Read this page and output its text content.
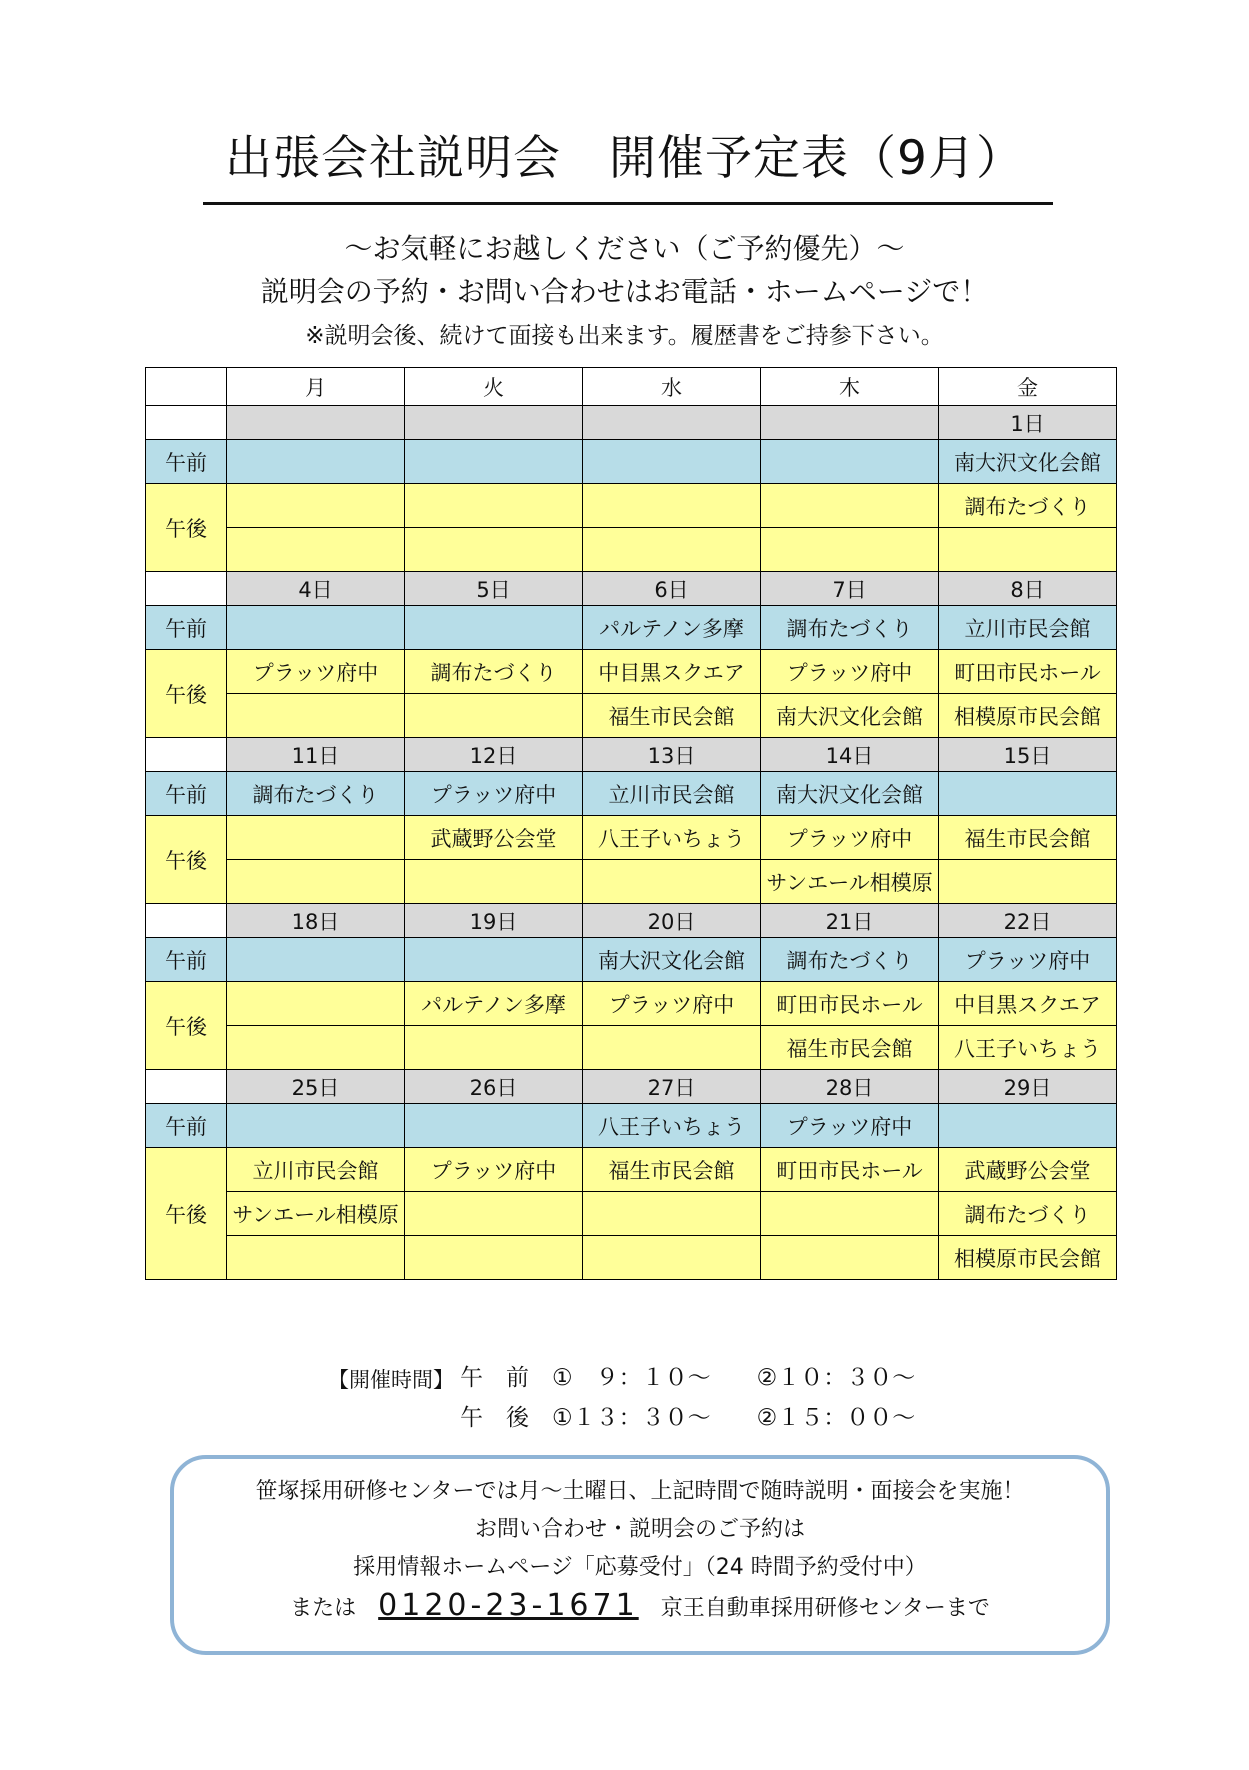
出張会社説明会　開催予定表（9月）
～お気軽にお越しください（ご予約優先）～
説明会の予約・お問い合わせはお電話・ホームページで！
※説明会後、続けて面接も出来ます。履歴書をご持参下さい。
	月	火	水	木	金
					1日
午前					南大沢文化会館
午後					調布たづくり

	4日	5日	6日	7日	8日
午前			パルテノン多摩	調布たづくり	立川市民会館
午後	プラッツ府中	調布たづくり	中目黒スクエア	プラッツ府中	町田市民ホール
			福生市民会館	南大沢文化会館	相模原市民会館
	11日	12日	13日	14日	15日
午前	調布たづくり	プラッツ府中	立川市民会館	南大沢文化会館	
午後		武蔵野公会堂	八王子いちょう	プラッツ府中	福生市民会館
				サンエール相模原	
	18日	19日	20日	21日	22日
午前			南大沢文化会館	調布たづくり	プラッツ府中
午後		パルテノン多摩	プラッツ府中	町田市民ホール	中目黒スクエア
				福生市民会館	八王子いちょう
	25日	26日	27日	28日	29日
午前			八王子いちょう	プラッツ府中	
午後	立川市民会館	プラッツ府中	福生市民会館	町田市民ホール	武蔵野公会堂
	サンエール相模原				調布たづくり
					相模原市民会館
【開催時間】 午　前　①　９：１０～　　②１０：３０～
午　後　①１３：３０～　　②１５：００～
笹塚採用研修センターでは月～土曜日、上記時間で随時説明・面接会を実施！
お問い合わせ・説明会のご予約は
採用情報ホームページ「応募受付」（24 時間予約受付中）
または 0120-23-1671 京王自動車採用研修センターまで
